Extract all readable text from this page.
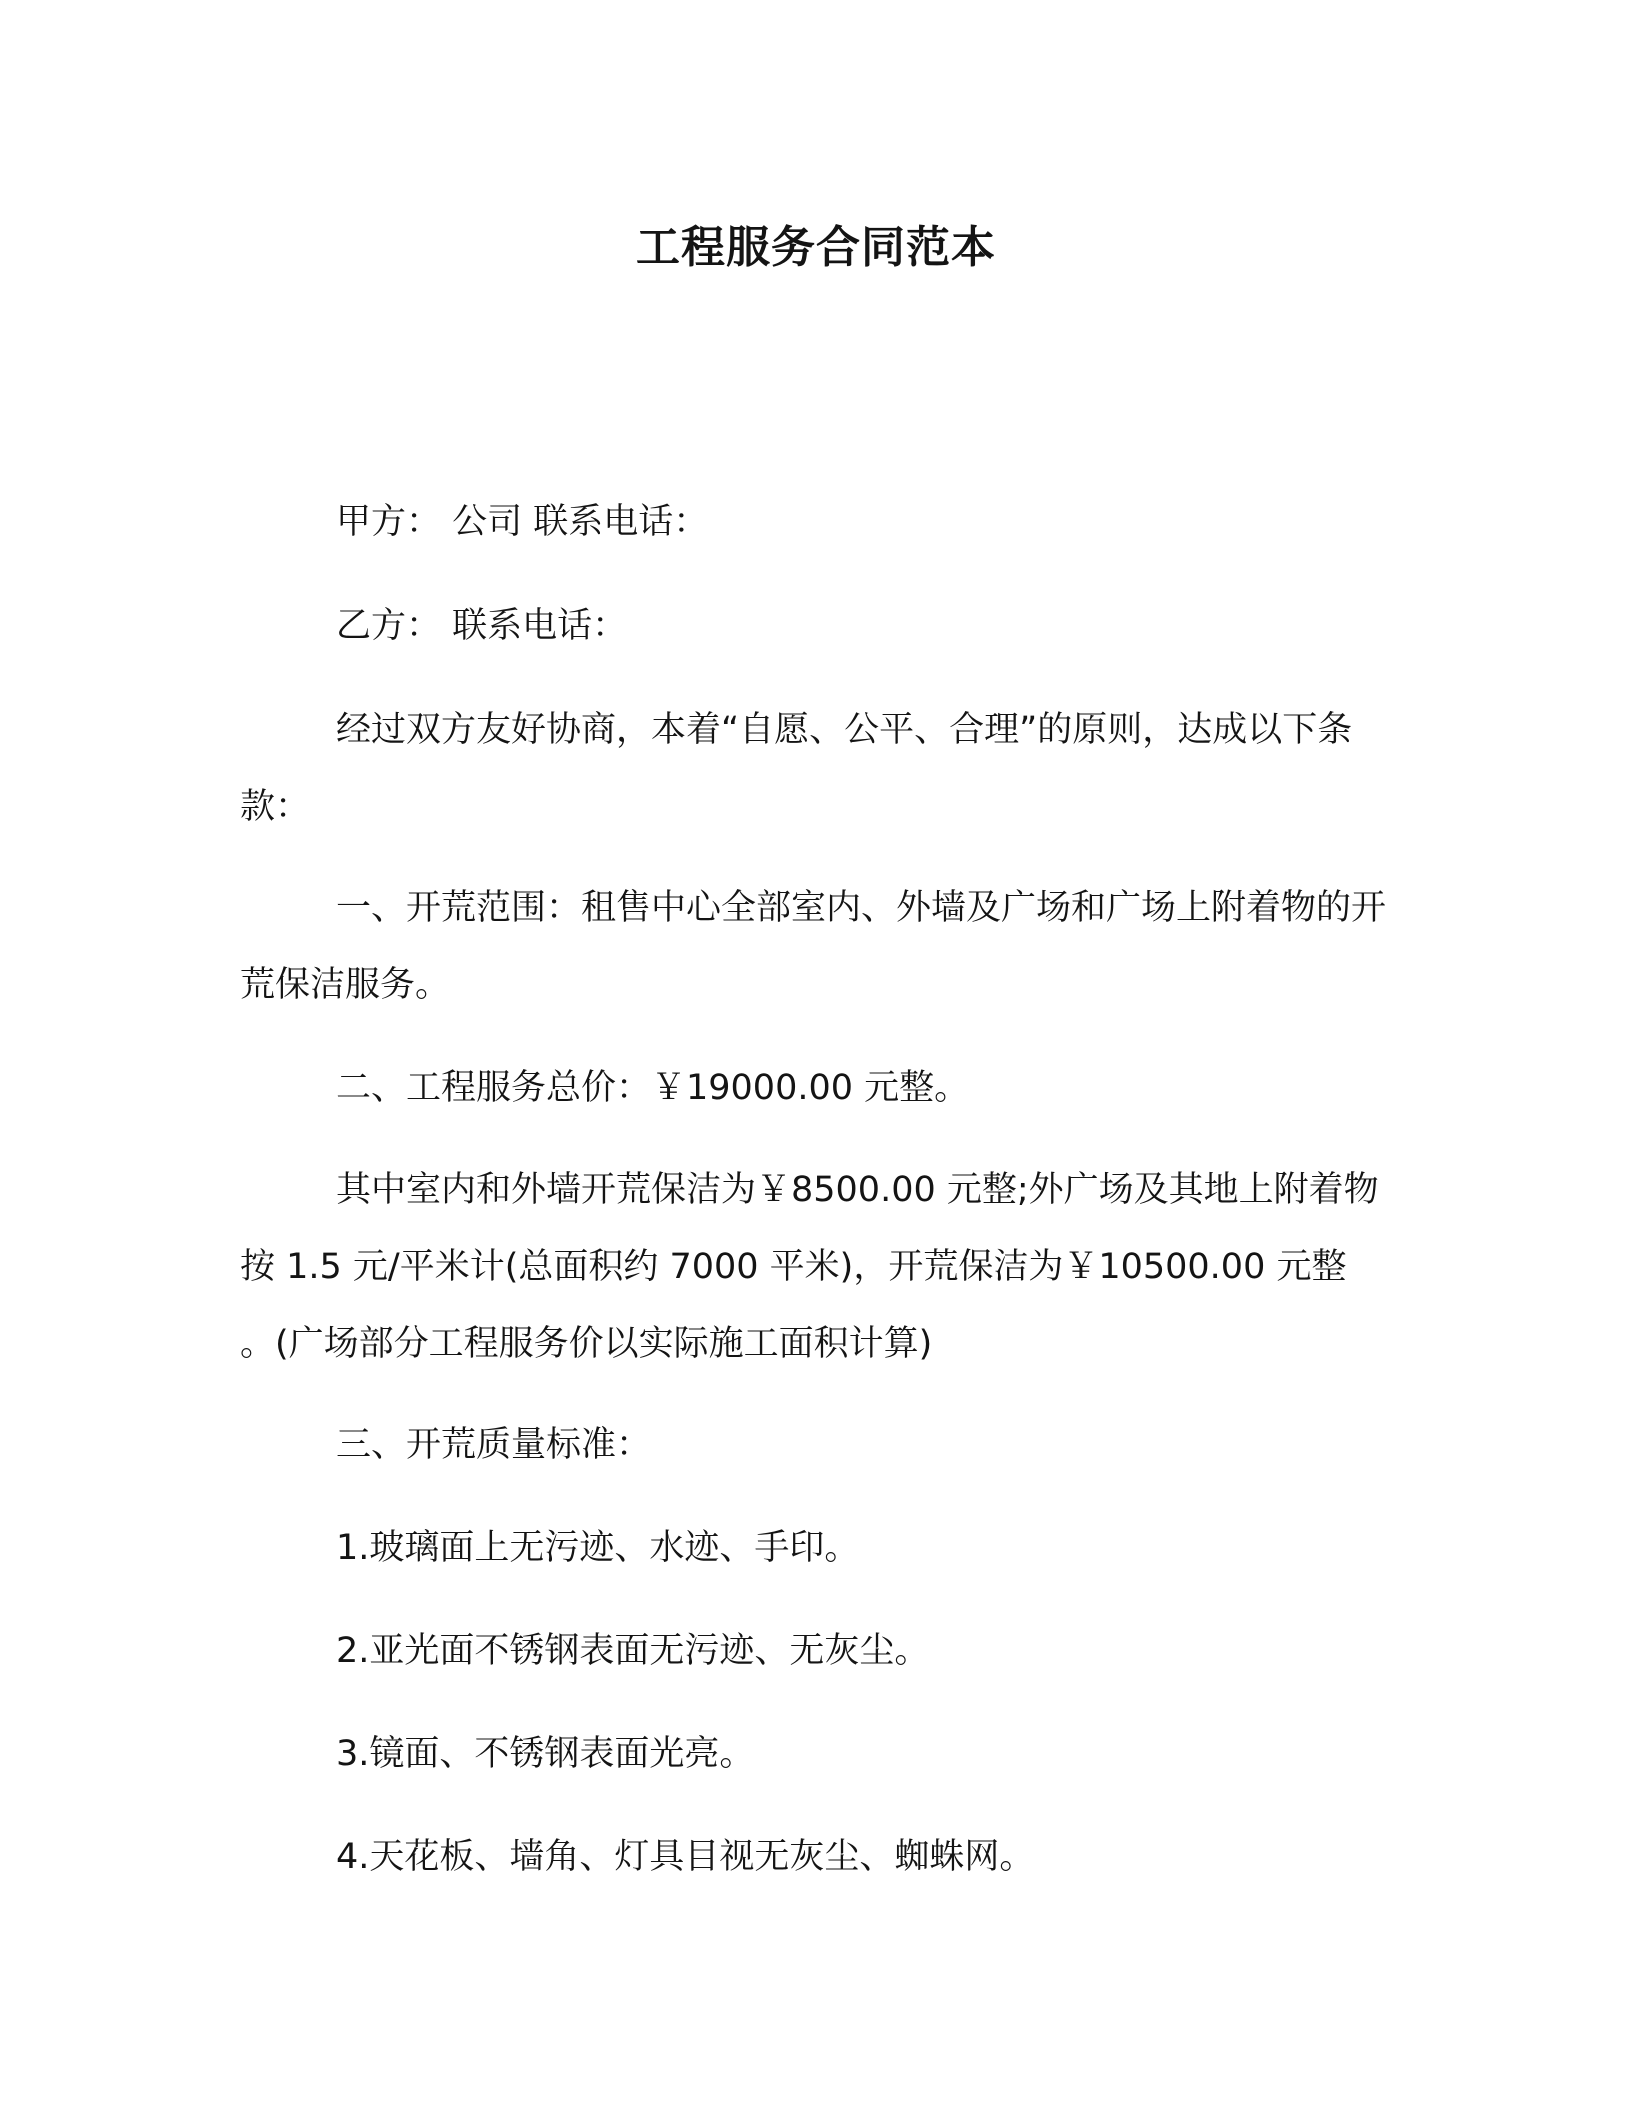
工程服务合同范本
甲方： 公司 联系电话：
乙方： 联系电话：
经过双方友好协商，本着“自愿、公平、合理”的原则，达成以下条款：
一、开荒范围：租售中心全部室内、外墙及广场和广场上附着物的开荒保洁服务。
二、工程服务总价：￥19000.00 元整。
其中室内和外墙开荒保洁为￥8500.00 元整;外广场及其地上附着物按 1.5 元/平米计(总面积约 7000 平米)，开荒保洁为￥10500.00 元整 。(广场部分工程服务价以实际施工面积计算)
三、开荒质量标准：
1.玻璃面上无污迹、水迹、手印。
2.亚光面不锈钢表面无污迹、无灰尘。
3.镜面、不锈钢表面光亮。
4.天花板、墙角、灯具目视无灰尘、蜘蛛网。
